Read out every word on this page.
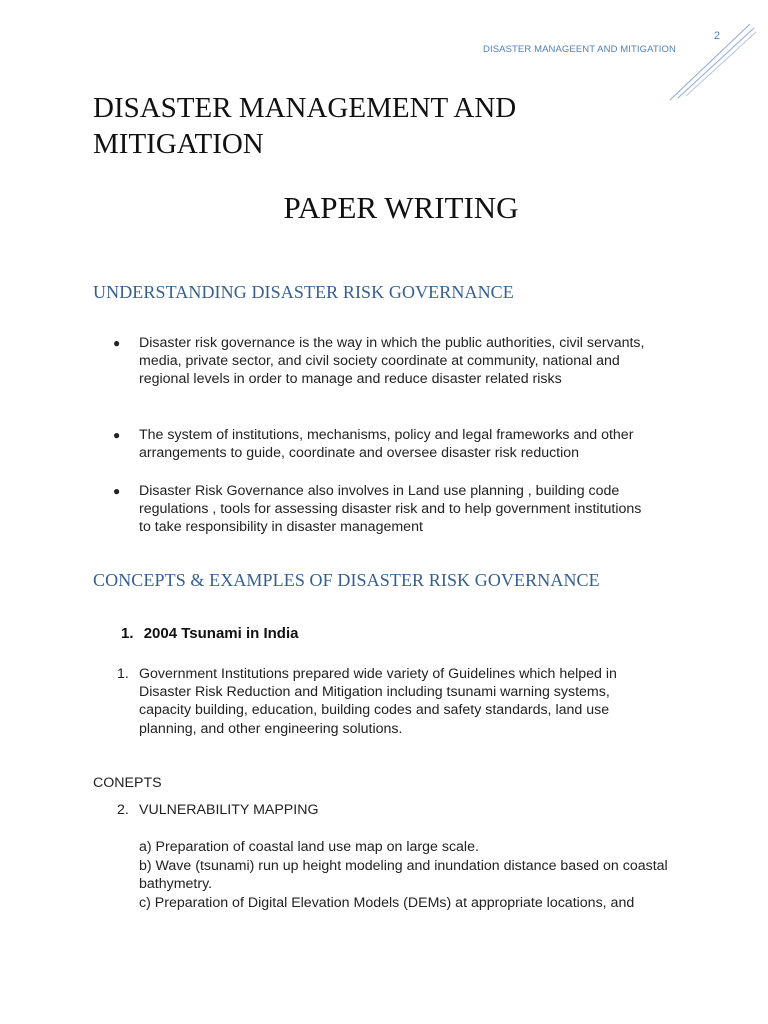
2
DISASTER MANAGEENT AND MITIGATION
DISASTER MANAGEMENT AND MITIGATION
PAPER WRITING
UNDERSTANDING DISASTER RISK GOVERNANCE
●	Disaster risk governance is the way in which the public authorities, civil servants, media, private sector, and civil society coordinate at community, national and regional levels in order to manage and reduce disaster related risks
●	The system of institutions, mechanisms, policy and legal frameworks and other arrangements to guide, coordinate and oversee disaster risk reduction
●	Disaster Risk Governance also involves in Land use planning , building code regulations , tools for assessing disaster risk and to help government institutions to take responsibility in disaster management
CONCEPTS & EXAMPLES OF DISASTER RISK GOVERNANCE
1. 2004 Tsunami in India
1. Government Institutions prepared wide variety of Guidelines which helped in Disaster Risk Reduction and Mitigation including tsunami warning systems, capacity building, education, building codes and safety standards, land use planning, and other engineering solutions.
CONEPTS
2. VULNERABILITY MAPPING
a) Preparation of coastal land use map on large scale.
b) Wave (tsunami) run up height modeling and inundation distance based on coastal bathymetry.
c) Preparation of Digital Elevation Models (DEMs) at appropriate locations, and
